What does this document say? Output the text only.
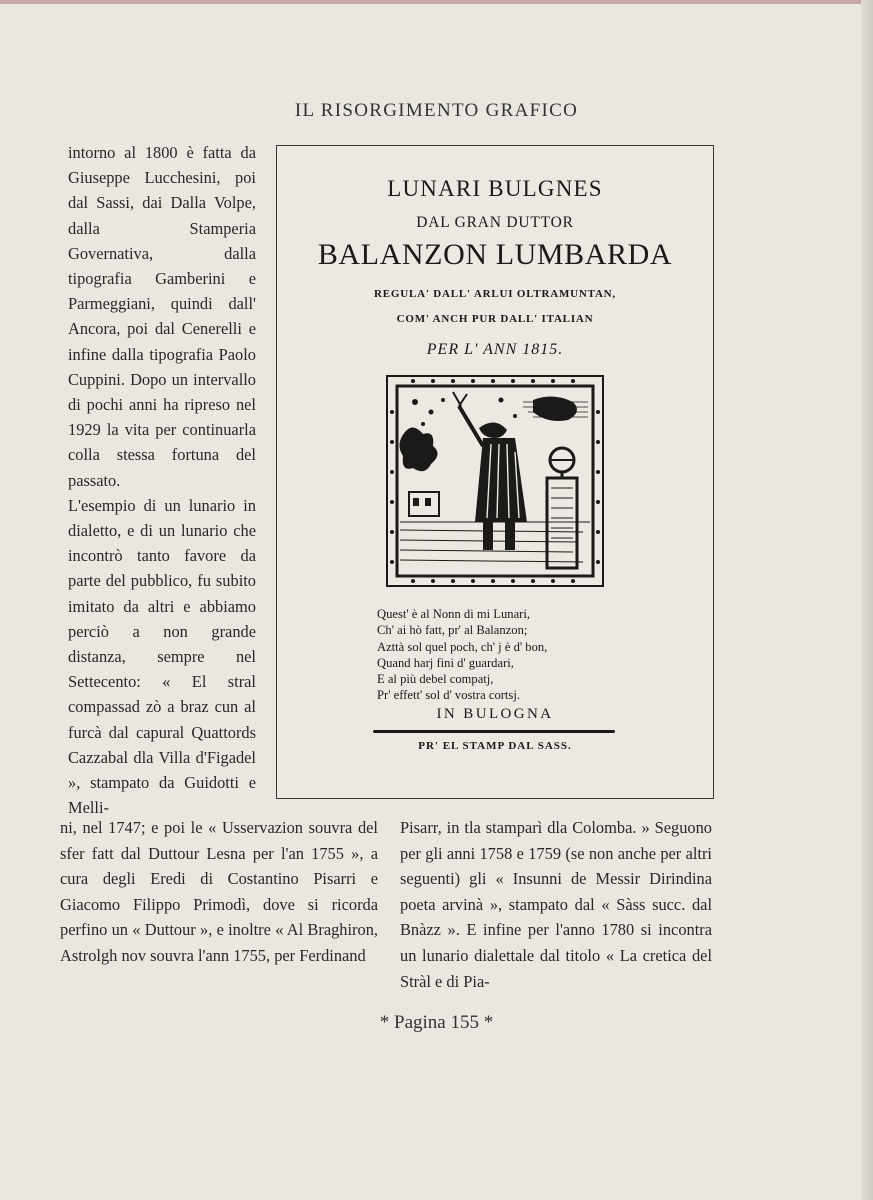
IL RISORGIMENTO GRAFICO

intorno al 1800 è fatta da Giuseppe Lucchesini, poi dal Sassi, dai Dalla Volpe, dalla Stamperia Governativa, dalla tipografia Gamberini e Parmeggiani, quindi dall' Ancora, poi dal Cenerelli e infine dalla tipografia Paolo Cuppini. Dopo un intervallo di pochi anni ha ripreso nel 1929 la vita per continuarla colla stessa fortuna del passato.

L'esempio di un lunario in dialetto, e di un lunario che incontrò tanto favore da parte del pubblico, fu subito imitato da altri e abbiamo perciò a non grande distanza, sempre nel Settecento: « El stral compassad zò a braz cun al furcà dal capural Quattords Cazzabal dla Villa d'Figadel », stampato da Guidotti e Melli-

LUNARI BULGNES
DAL GRAN DUTTOR
BALANZON LUMBARDA
REGULA' DALL' ARLUI OLTRAMUNTAN,
COM' ANCH PUR DALL' ITALIAN
PER L' ANN 1815.
Quest' è al Nonn di mi Lunari,
Ch' ai hò fatt, pr' al Balanzon;
Azttà sol quel poch, ch' j è d' bon,
Quand harj fini d' guardari,
E al più debel compatj,
Pr' effett' sol d' vostra cortsj.
IN BULOGNA
PR' EL STAMP DAL SASS.

ni, nel 1747; e poi le « Usservazion souvra del sfer fatt dal Duttour Lesna per l'an 1755 », a cura degli Eredi di Costantino Pisarri e Giacomo Filippo Primodì, dove si ricorda perfino un « Duttour », e inoltre « Al Braghiron, Astrolgh nov souvra l'ann 1755, per Ferdinand

Pisarr, in tla stamparì dla Colomba. » Seguono per gli anni 1758 e 1759 (se non anche per altri seguenti) gli « Insunni de Messir Dirindina poeta arvinà », stampato dal « Sàss succ. dal Bnàzz ». E infine per l'anno 1780 si incontra un lunario dialettale dal titolo « La cretica del Stràl e di Pia-

* Pagina 155 *
